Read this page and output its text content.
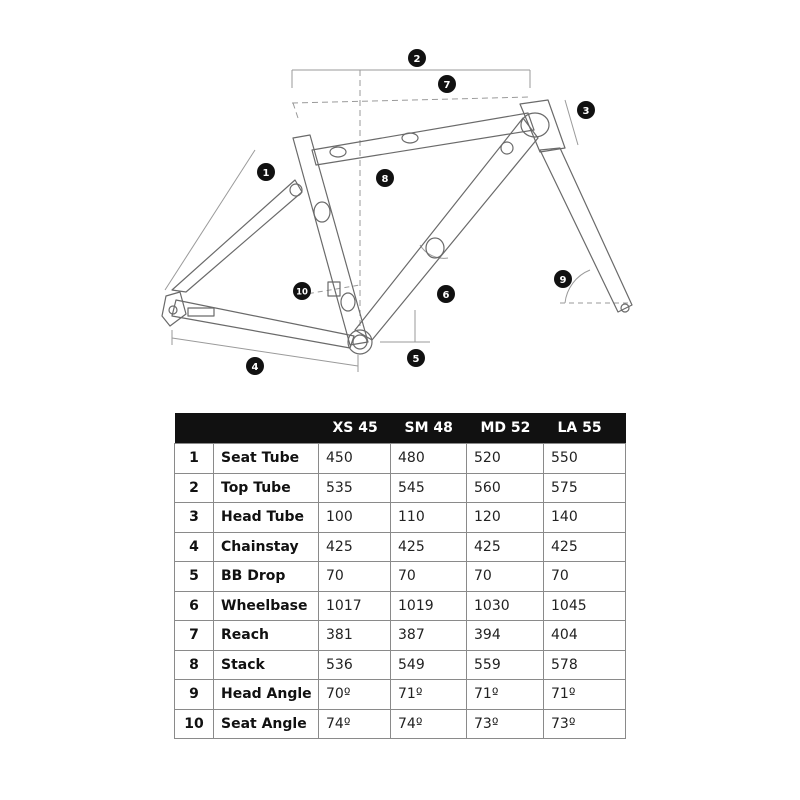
1
2
3
4
5
6
7
8
9
10
		XS 45	SM 48	MD 52	LA 55
1	Seat Tube	450	480	520	550
2	Top Tube	535	545	560	575
3	Head Tube	100	110	120	140
4	Chainstay	425	425	425	425
5	BB Drop	70	70	70	70
6	Wheelbase	1017	1019	1030	1045
7	Reach	381	387	394	404
8	Stack	536	549	559	578
9	Head Angle	70º	71º	71º	71º
10	Seat Angle	74º	74º	73º	73º
